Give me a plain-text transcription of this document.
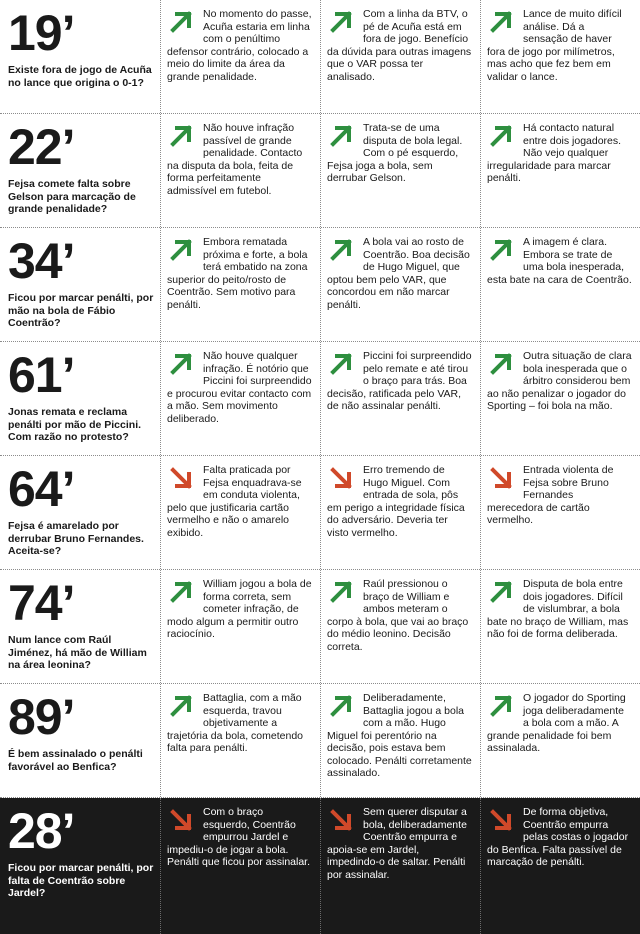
19’
Existe fora de jogo de Acuña no lance que origina o 0-1?
No momento do passe, Acuña estaria em linha com o penúltimo defensor contrário, colocado a meio do limite da área da grande penalidade.
Com a linha da BTV, o pé de Acuña está em fora de jogo. Benefício da dúvida para outras imagens que o VAR possa ter analisado.
Lance de muito difícil análise. Dá a sensação de haver fora de jogo por milímetros, mas acho que fez bem em validar o lance.
22’
Fejsa comete falta sobre Gelson para marcação de grande penalidade?
Não houve infração passível de grande penalidade. Contacto na disputa da bola, feita de forma perfeitamente admissível em futebol.
Trata-se de uma disputa de bola legal. Com o pé esquerdo, Fejsa joga a bola, sem derrubar Gelson.
Há contacto natural entre dois jogadores. Não vejo qualquer irregularidade para marcar penálti.
34’
Ficou por marcar penálti, por mão na bola de Fábio Coentrão?
Embora rematada próxima e forte, a bola terá embatido na zona superior do peito/rosto de Coentrão. Sem motivo para penálti.
A bola vai ao rosto de Coentrão. Boa decisão de Hugo Miguel, que optou bem pelo VAR, que concordou em não marcar penálti.
A imagem é clara. Embora se trate de uma bola inesperada, esta bate na cara de Coentrão.
61’
Jonas remata e reclama penálti por mão de Piccini. Com razão no protesto?
Não houve qualquer infração. É notório que Piccini foi surpreendido e procurou evitar contacto com a mão. Sem movimento deliberado.
Piccini foi surpreendido pelo remate e até tirou o braço para trás. Boa decisão, ratificada pelo VAR, de não assinalar penálti.
Outra situação de clara bola inesperada que o árbitro considerou bem ao não penalizar o jogador do Sporting – foi bola na mão.
64’
Fejsa é amarelado por derrubar Bruno Fernandes. Aceita-se?
Falta praticada por Fejsa enquadrava-se em conduta violenta, pelo que justificaria cartão vermelho e não o amarelo exibido.
Erro tremendo de Hugo Miguel. Com entrada de sola, pôs em perigo a integridade física do adversário. Deveria ter visto vermelho.
Entrada violenta de Fejsa sobre Bruno Fernandes merecedora de cartão vermelho.
74’
Num lance com Raúl Jiménez, há mão de William na área leonina?
William jogou a bola de forma correta, sem cometer infração, de modo algum a permitir outro raciocínio.
Raúl pressionou o braço de William e ambos meteram o corpo à bola, que vai ao braço do médio leonino. Decisão correta.
Disputa de bola entre dois jogadores. Difícil de vislumbrar, a bola bate no braço de William, mas não foi de forma deliberada.
89’
É bem assinalado o penálti favorável ao Benfica?
Battaglia, com a mão esquerda, travou objetivamente a trajetória da bola, cometendo falta para penálti.
Deliberadamente, Battaglia jogou a bola com a mão. Hugo Miguel foi perentório na decisão, pois estava bem colocado. Penálti corretamente assinalado.
O jogador do Sporting joga deliberadamente a bola com a mão. A grande penalidade foi bem assinalada.
28’
Ficou por marcar penálti, por falta de Coentrão sobre Jardel?
Com o braço esquerdo, Coentrão empurrou Jardel e impediu-o de jogar a bola. Penálti que ficou por assinalar.
Sem querer disputar a bola, deliberadamente Coentrão empurra e apoia-se em Jardel, impedindo-o de saltar. Penálti por assinalar.
De forma objetiva, Coentrão empurra pelas costas o jogador do Benfica. Falta passível de marcação de penálti.
